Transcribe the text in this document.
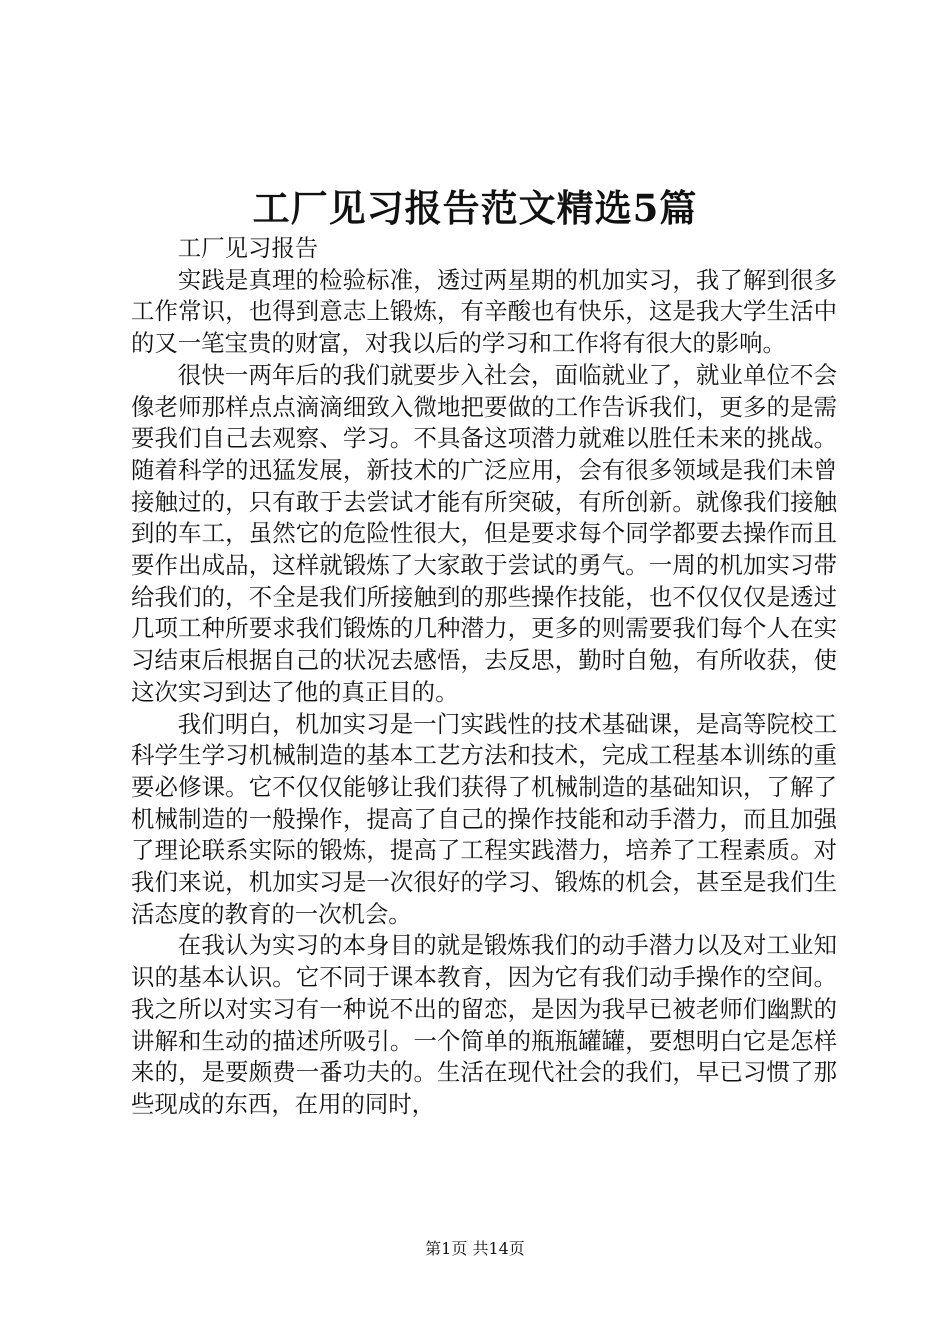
工厂见习报告范文精选5篇

工厂见习报告

实践是真理的检验标准，透过两星期的机加实习，我了解到很多工作常识，也得到意志上锻炼，有辛酸也有快乐，这是我大学生活中的又一笔宝贵的财富，对我以后的学习和工作将有很大的影响。

很快一两年后的我们就要步入社会，面临就业了，就业单位不会像老师那样点点滴滴细致入微地把要做的工作告诉我们，更多的是需要我们自己去观察、学习。不具备这项潜力就难以胜任未来的挑战。随着科学的迅猛发展，新技术的广泛应用，会有很多领域是我们未曾接触过的，只有敢于去尝试才能有所突破，有所创新。就像我们接触到的车工，虽然它的危险性很大，但是要求每个同学都要去操作而且要作出成品，这样就锻炼了大家敢于尝试的勇气。一周的机加实习带给我们的，不全是我们所接触到的那些操作技能，也不仅仅仅是透过几项工种所要求我们锻炼的几种潜力，更多的则需要我们每个人在实习结束后根据自己的状况去感悟，去反思，勤时自勉，有所收获，使这次实习到达了他的真正目的。

我们明白，机加实习是一门实践性的技术基础课，是高等院校工科学生学习机械制造的基本工艺方法和技术，完成工程基本训练的重要必修课。它不仅仅能够让我们获得了机械制造的基础知识，了解了机械制造的一般操作，提高了自己的操作技能和动手潜力，而且加强了理论联系实际的锻炼，提高了工程实践潜力，培养了工程素质。对我们来说，机加实习是一次很好的学习、锻炼的机会，甚至是我们生活态度的教育的一次机会。

在我认为实习的本身目的就是锻炼我们的动手潜力以及对工业知识的基本认识。它不同于课本教育，因为它有我们动手操作的空间。我之所以对实习有一种说不出的留恋，是因为我早已被老师们幽默的讲解和生动的描述所吸引。一个简单的瓶瓶罐罐，要想明白它是怎样来的，是要颇费一番功夫的。生活在现代社会的我们，早已习惯了那些现成的东西，在用的同时，

第1页 共14页
